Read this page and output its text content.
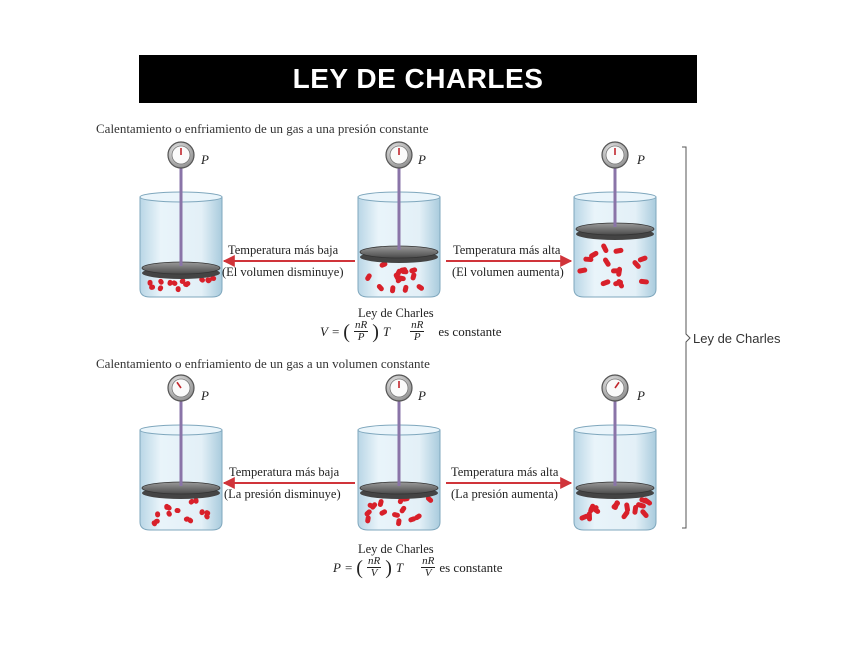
LEY DE CHARLES
Calentamiento o enfriamiento de un gas a una presión constante
Calentamiento o enfriamiento de un gas a un volumen constante
P	P	P
P	P	P
Temperatura más baja
(El volumen disminuye)
Temperatura más alta
(El volumen aumenta)
Ley de Charles
V = ( $\frac{nR}{P}$ ) T $\frac{nR}{P}$ es constante
Temperatura más baja
(La presión disminuye)
Temperatura más alta
(La presión aumenta)
Ley de Charles
P = ( $\frac{nR}{V}$ ) T $\frac{nR}{V}$ es constante
Ley de Charles
